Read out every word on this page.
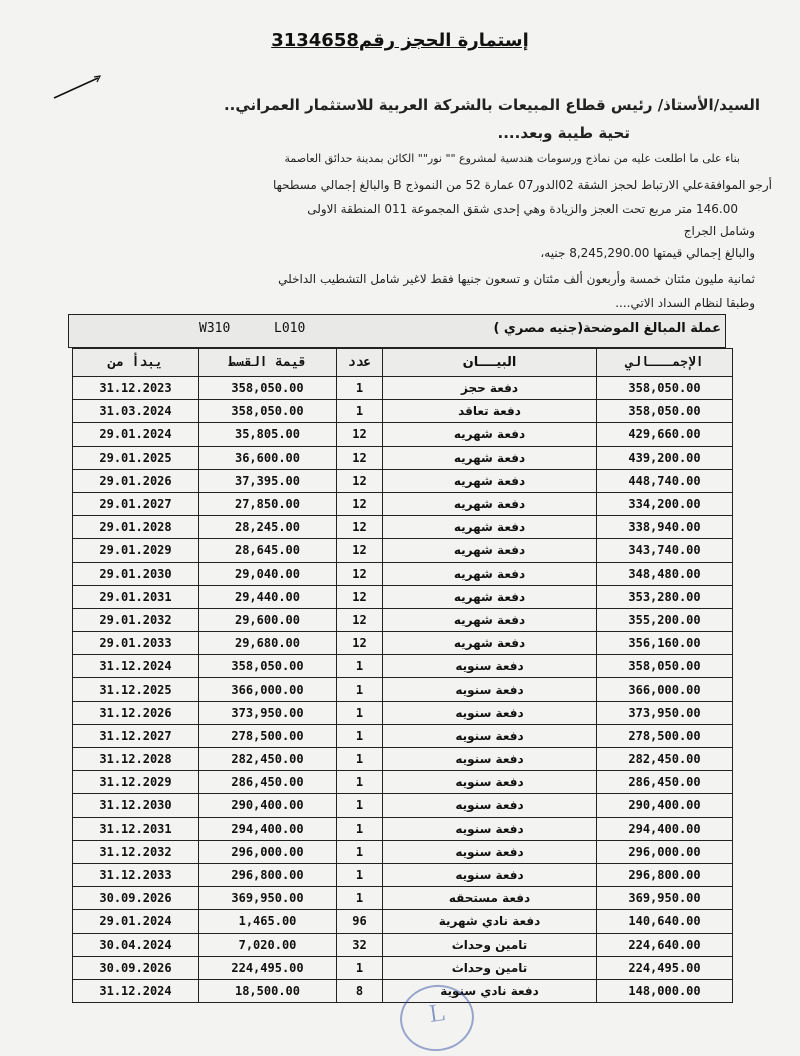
إستمارة الحجز رقم3134658
السيد/الأستاذ/ رئيس قطاع المبيعات بالشركة العربية للاستثمار العمراني..
تحية طيبة وبعد....
بناء على ما اطلعت عليه من نماذج ورسومات هندسية لمشروع "" نور"" الكائن بمدينة حدائق العاصمة
أرجو الموافقةعلي الارتباط لحجز الشقة 02الدور07 عمارة 52 من النموذج B والبالغ إجمالي مسطحها
146.00 متر مربع تحت العجز والزيادة وهي إحدى شقق المجموعة 011 المنطقة الاولى
وشامل الجراج
والبالغ إجمالي قيمتها 8,245,290.00 جنيه،
ثمانية مليون مئتان خمسة وأربعون ألف مئتان و تسعون جنيها فقط لاغير شامل التشطيب الداخلي
وطبقا لنظام السداد الاتي....
W310	L010	عملة المبالغ الموضحة(جنيه مصري )
يبدأ من	قيمة القسط	عدد	البيــــان	الإجمـــالي
31.12.2023	358,050.00	1	دفعة حجز	358,050.00
31.03.2024	358,050.00	1	دفعة تعاقد	358,050.00
29.01.2024	35,805.00	12	دفعة شهريه	429,660.00
29.01.2025	36,600.00	12	دفعة شهريه	439,200.00
29.01.2026	37,395.00	12	دفعة شهريه	448,740.00
29.01.2027	27,850.00	12	دفعة شهريه	334,200.00
29.01.2028	28,245.00	12	دفعة شهريه	338,940.00
29.01.2029	28,645.00	12	دفعة شهريه	343,740.00
29.01.2030	29,040.00	12	دفعة شهريه	348,480.00
29.01.2031	29,440.00	12	دفعة شهريه	353,280.00
29.01.2032	29,600.00	12	دفعة شهريه	355,200.00
29.01.2033	29,680.00	12	دفعة شهريه	356,160.00
31.12.2024	358,050.00	1	دفعة سنويه	358,050.00
31.12.2025	366,000.00	1	دفعة سنويه	366,000.00
31.12.2026	373,950.00	1	دفعة سنويه	373,950.00
31.12.2027	278,500.00	1	دفعة سنويه	278,500.00
31.12.2028	282,450.00	1	دفعة سنويه	282,450.00
31.12.2029	286,450.00	1	دفعة سنويه	286,450.00
31.12.2030	290,400.00	1	دفعة سنويه	290,400.00
31.12.2031	294,400.00	1	دفعة سنويه	294,400.00
31.12.2032	296,000.00	1	دفعة سنويه	296,000.00
31.12.2033	296,800.00	1	دفعة سنويه	296,800.00
30.09.2026	369,950.00	1	دفعة مستحقه	369,950.00
29.01.2024	1,465.00	96	دفعة نادي شهرية	140,640.00
30.04.2024	7,020.00	32	تامين وحداث	224,640.00
30.09.2026	224,495.00	1	تامين وحداث	224,495.00
31.12.2024	18,500.00	8	دفعة نادي سنوية	148,000.00
Ｌ
